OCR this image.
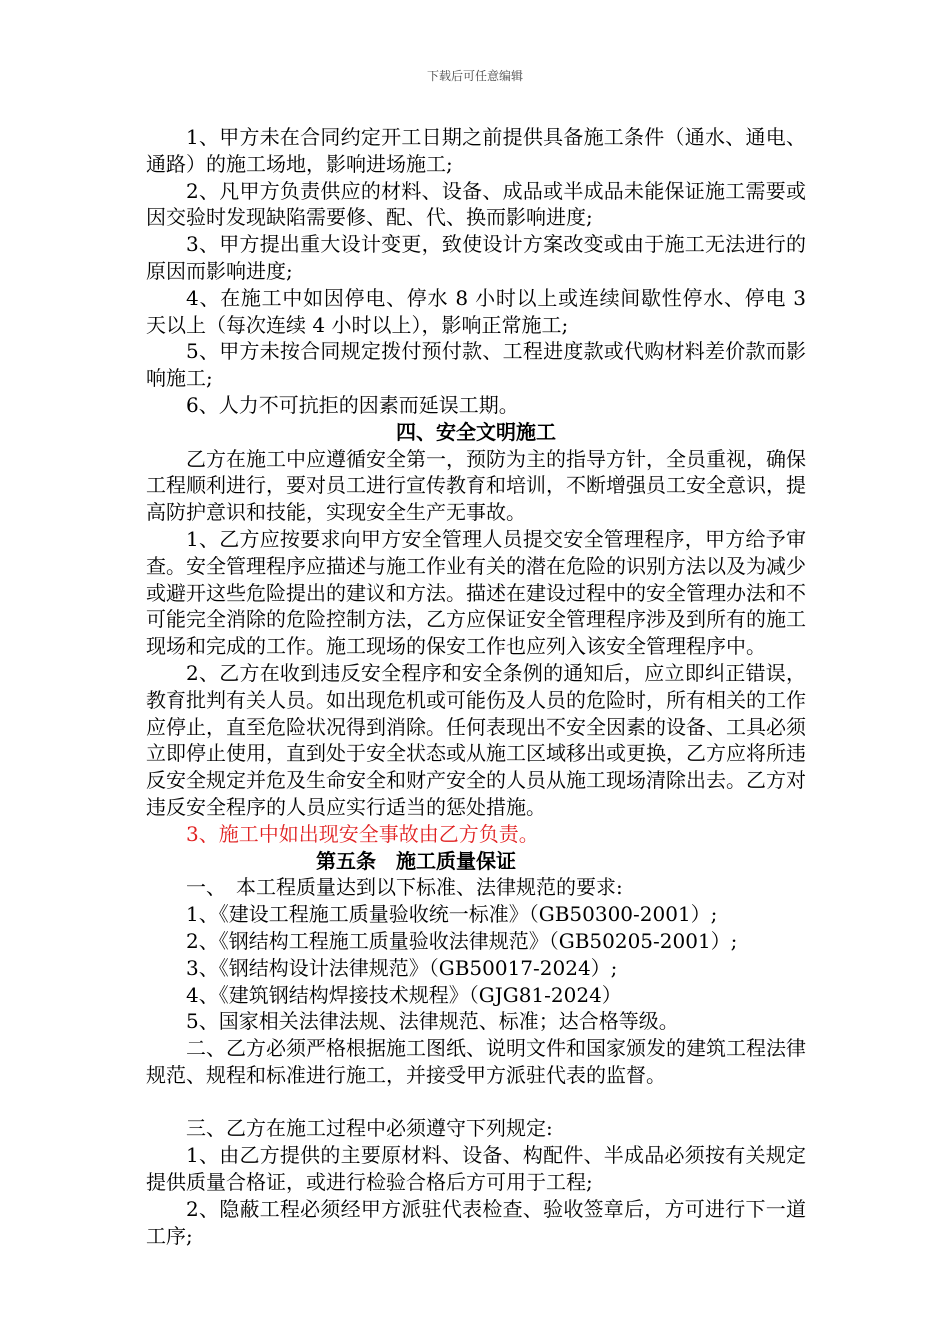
下载后可任意编辑

1、甲方未在合同约定开工日期之前提供具备施工条件（通水、通电、通路）的施工场地，影响进场施工;

2、凡甲方负责供应的材料、设备、成品或半成品未能保证施工需要或因交验时发现缺陷需要修、配、代、换而影响进度;

3、甲方提出重大设计变更，致使设计方案改变或由于施工无法进行的原因而影响进度;

4、在施工中如因停电、停水 8 小时以上或连续间歇性停水、停电 3 天以上（每次连续 4 小时以上），影响正常施工;

5、甲方未按合同规定拨付预付款、工程进度款或代购材料差价款而影响施工;

6、人力不可抗拒的因素而延误工期。

四、安全文明施工

乙方在施工中应遵循安全第一，预防为主的指导方针，全员重视，确保工程顺利进行，要对员工进行宣传教育和培训，不断增强员工安全意识，提高防护意识和技能，实现安全生产无事故。

1、乙方应按要求向甲方安全管理人员提交安全管理程序，甲方给予审查。安全管理程序应描述与施工作业有关的潜在危险的识别方法以及为减少或避开这些危险提出的建议和方法。描述在建设过程中的安全管理办法和不可能完全消除的危险控制方法，乙方应保证安全管理程序涉及到所有的施工现场和完成的工作。施工现场的保安工作也应列入该安全管理程序中。

2、乙方在收到违反安全程序和安全条例的通知后，应立即纠正错误，教育批判有关人员。如出现危机或可能伤及人员的危险时，所有相关的工作应停止，直至危险状况得到消除。任何表现出不安全因素的设备、工具必须立即停止使用，直到处于安全状态或从施工区域移出或更换，乙方应将所违反安全规定并危及生命安全和财产安全的人员从施工现场清除出去。乙方对违反安全程序的人员应实行适当的惩处措施。

3、施工中如出现安全事故由乙方负责。

第五条　施工质量保证

一、　本工程质量达到以下标准、法律规范的要求:

1、《建设工程施工质量验收统一标准》（GB50300-2001）;

2、《钢结构工程施工质量验收法律规范》（GB50205-2001）;

3、《钢结构设计法律规范》（GB50017-2024）;

4、《建筑钢结构焊接技术规程》（GJG81-2024）

5、国家相关法律法规、法律规范、标准；达合格等级。

二、乙方必须严格根据施工图纸、说明文件和国家颁发的建筑工程法律规范、规程和标准进行施工，并接受甲方派驻代表的监督。

三、乙方在施工过程中必须遵守下列规定:

1、由乙方提供的主要原材料、设备、构配件、半成品必须按有关规定提供质量合格证，或进行检验合格后方可用于工程;

2、隐蔽工程必须经甲方派驻代表检查、验收签章后，方可进行下一道工序;
